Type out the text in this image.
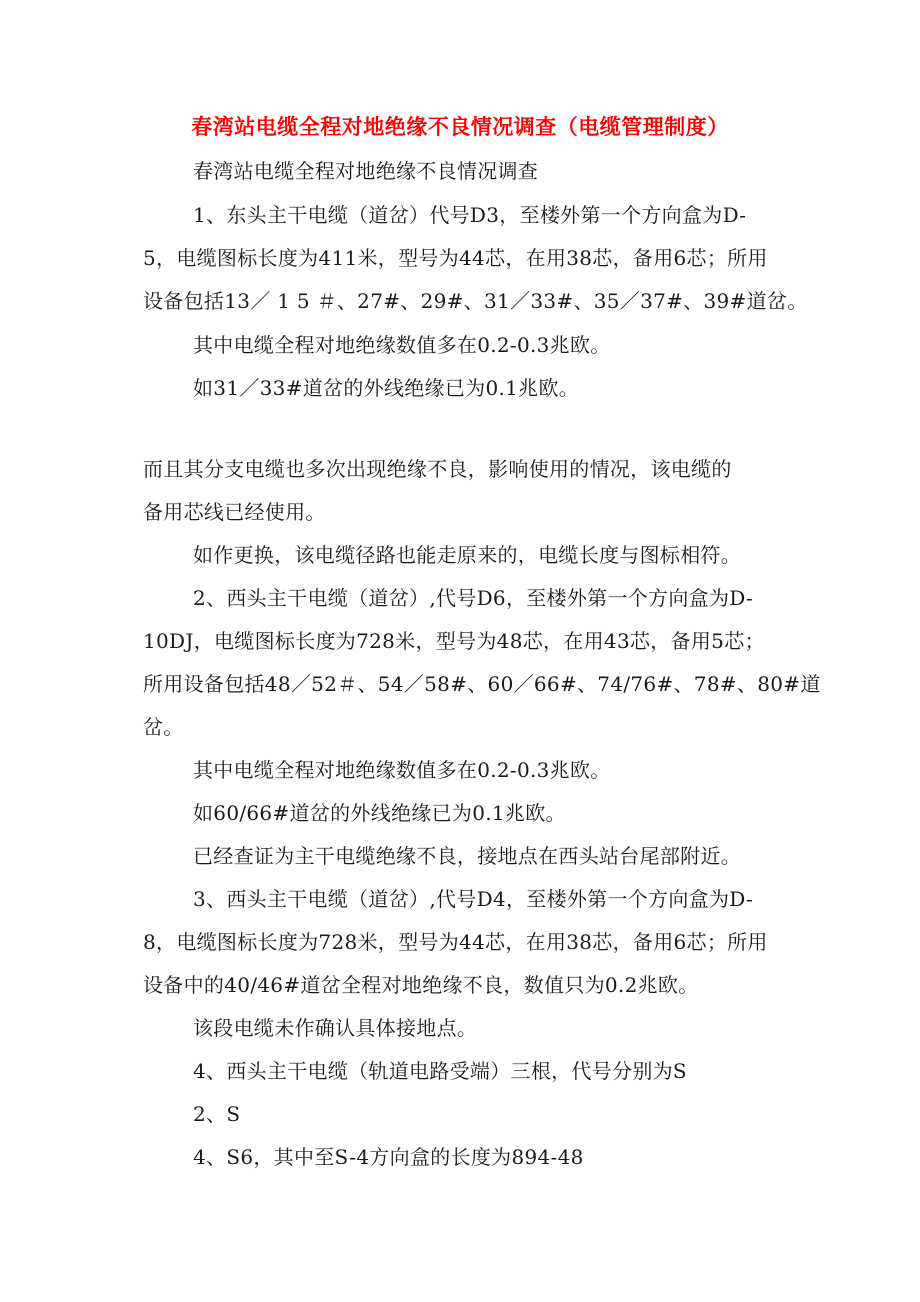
春湾站电缆全程对地绝缘不良情况调查（电缆管理制度）
春湾站电缆全程对地绝缘不良情况调查
1、东头主干电缆（道岔）代号D3，至楼外第一个方向盒为D-
5，电缆图标长度为411米，型号为44芯，在用38芯，备用6芯；所用
设备包括13／ 1 5 ＃、27#、29#、31／33#、35／37#、39#道岔。
其中电缆全程对地绝缘数值多在0.2-0.3兆欧。
如31／33#道岔的外线绝缘已为0.1兆欧。
而且其分支电缆也多次出现绝缘不良，影响使用的情况，该电缆的
备用芯线已经使用。
如作更换，该电缆径路也能走原来的，电缆长度与图标相符。
2、西头主干电缆（道岔）,代号D6，至楼外第一个方向盒为D-
10DJ，电缆图标长度为728米，型号为48芯，在用43芯，备用5芯；
所用设备包括48／52＃、54／58#、60／66#、74/76#、78#、80#道
岔。
其中电缆全程对地绝缘数值多在0.2-0.3兆欧。
如60/66#道岔的外线绝缘已为0.1兆欧。
已经查证为主干电缆绝缘不良，接地点在西头站台尾部附近。
3、西头主干电缆（道岔）,代号D4，至楼外第一个方向盒为D-
8，电缆图标长度为728米，型号为44芯，在用38芯，备用6芯；所用
设备中的40/46#道岔全程对地绝缘不良，数值只为0.2兆欧。
该段电缆未作确认具体接地点。
4、西头主干电缆（轨道电路受端）三根，代号分别为S
2、S
4、S6，其中至S-4方向盒的长度为894-48
